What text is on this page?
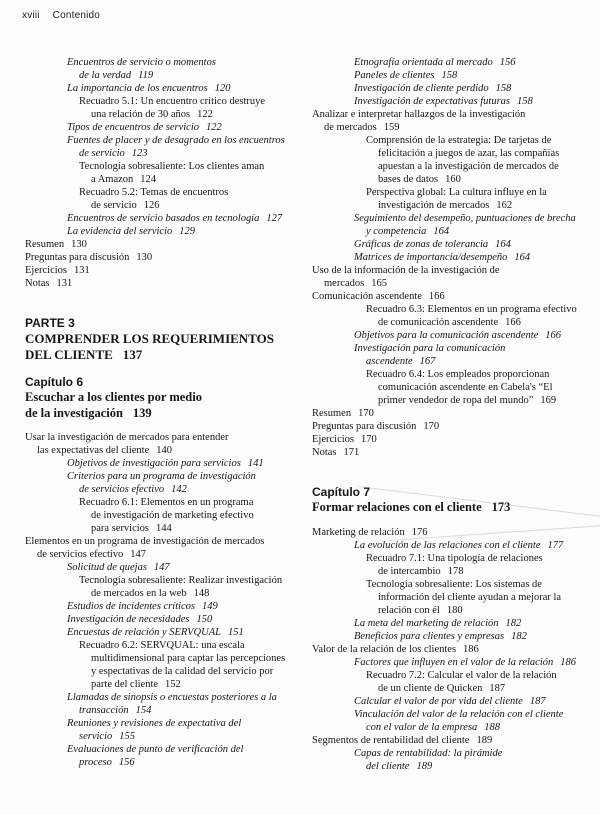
xviii Contenido
Encuentros de servicio o momentos
de la verdad 119
La importancia de los encuentros 120
Recuadro 5.1: Un encuentro crítico destruye
una relación de 30 años 122
Tipos de encuentros de servicio 122
Fuentes de placer y de desagrado en los encuentros
de servicio 123
Tecnología sobresaliente: Los clientes aman
a Amazon 124
Recuadro 5.2: Temas de encuentros
de servicio 126
Encuentros de servicio basados en tecnología 127
La evidencia del servicio 129
Resumen 130
Preguntas para discusión 130
Ejercicios 131
Notas 131
PARTE 3
COMPRENDER LOS REQUERIMIENTOS
DEL CLIENTE 137
Capítulo 6
Escuchar a los clientes por medio
de la investigación 139
Usar la investigación de mercados para entender
las expectativas del cliente 140
Objetivos de investigación para servicios 141
Criterios para un programa de investigación
de servicios efectivo 142
Recuadro 6.1: Elementos en un programa
de investigación de marketing efectivo
para servicios 144
Elementos en un programa de investigación de mercados
de servicios efectivo 147
Solicitud de quejas 147
Tecnología sobresaliente: Realizar investigación
de mercados en la web 148
Estudios de incidentes críticos 149
Investigación de necesidades 150
Encuestas de relación y SERVQUAL 151
Recuadro 6.2: SERVQUAL: una escala
multidimensional para captar las percepciones
y espectativas de la calidad del servicio por
parte del cliente 152
Llamadas de sinopsis o encuestas posteriores a la
transacción 154
Reuniones y revisiones de expectativa del
servicio 155
Evaluaciones de punto de verificación del
proceso 156
Etnografía orientada al mercado 156
Paneles de clientes 158
Investigación de cliente perdido 158
Investigación de expectativas futuras 158
Analizar e interpretar hallazgos de la investigación
de mercados 159
Comprensión de la estrategia: De tarjetas de
felicitación a juegos de azar, las compañías
apuestan a la investigación de mercados de
bases de datos 160
Perspectiva global: La cultura influye en la
investigación de mercados 162
Seguimiento del desempeño, puntuaciones de brecha
y competencia 164
Gráficas de zonas de tolerancia 164
Matrices de importancia/desempeño 164
Uso de la información de la investigación de
mercados 165
Comunicación ascendente 166
Recuadro 6.3: Elementos en un programa efectivo
de comunicación ascendente 166
Objetivos para la comunicación ascendente 166
Investigación para la comunicación
ascendente 167
Recuadro 6.4: Los empleados proporcionan
comunicación ascendente en Cabela's “El
primer vendedor de ropa del mundo” 169
Resumen 170
Preguntas para discusión 170
Ejercicios 170
Notas 171
Capítulo 7
Formar relaciones con el cliente 173
Marketing de relación 176
La evolución de las relaciones con el cliente 177
Recuadro 7.1: Una tipología de relaciones
de intercambio 178
Tecnología sobresaliente: Los sistemas de
información del cliente ayudan a mejorar la
relación con él 180
La meta del marketing de relación 182
Beneficios para clientes y empresas 182
Valor de la relación de los clientes 186
Factores que influyen en el valor de la relación 186
Recuadro 7.2: Calcular el valor de la relación
de un cliente de Quicken 187
Calcular el valor de por vida del cliente 187
Vinculación del valor de la relación con el cliente
con el valor de la empresa 188
Segmentos de rentabilidad del cliente 189
Capas de rentabilidad: la pirámide
del cliente 189
